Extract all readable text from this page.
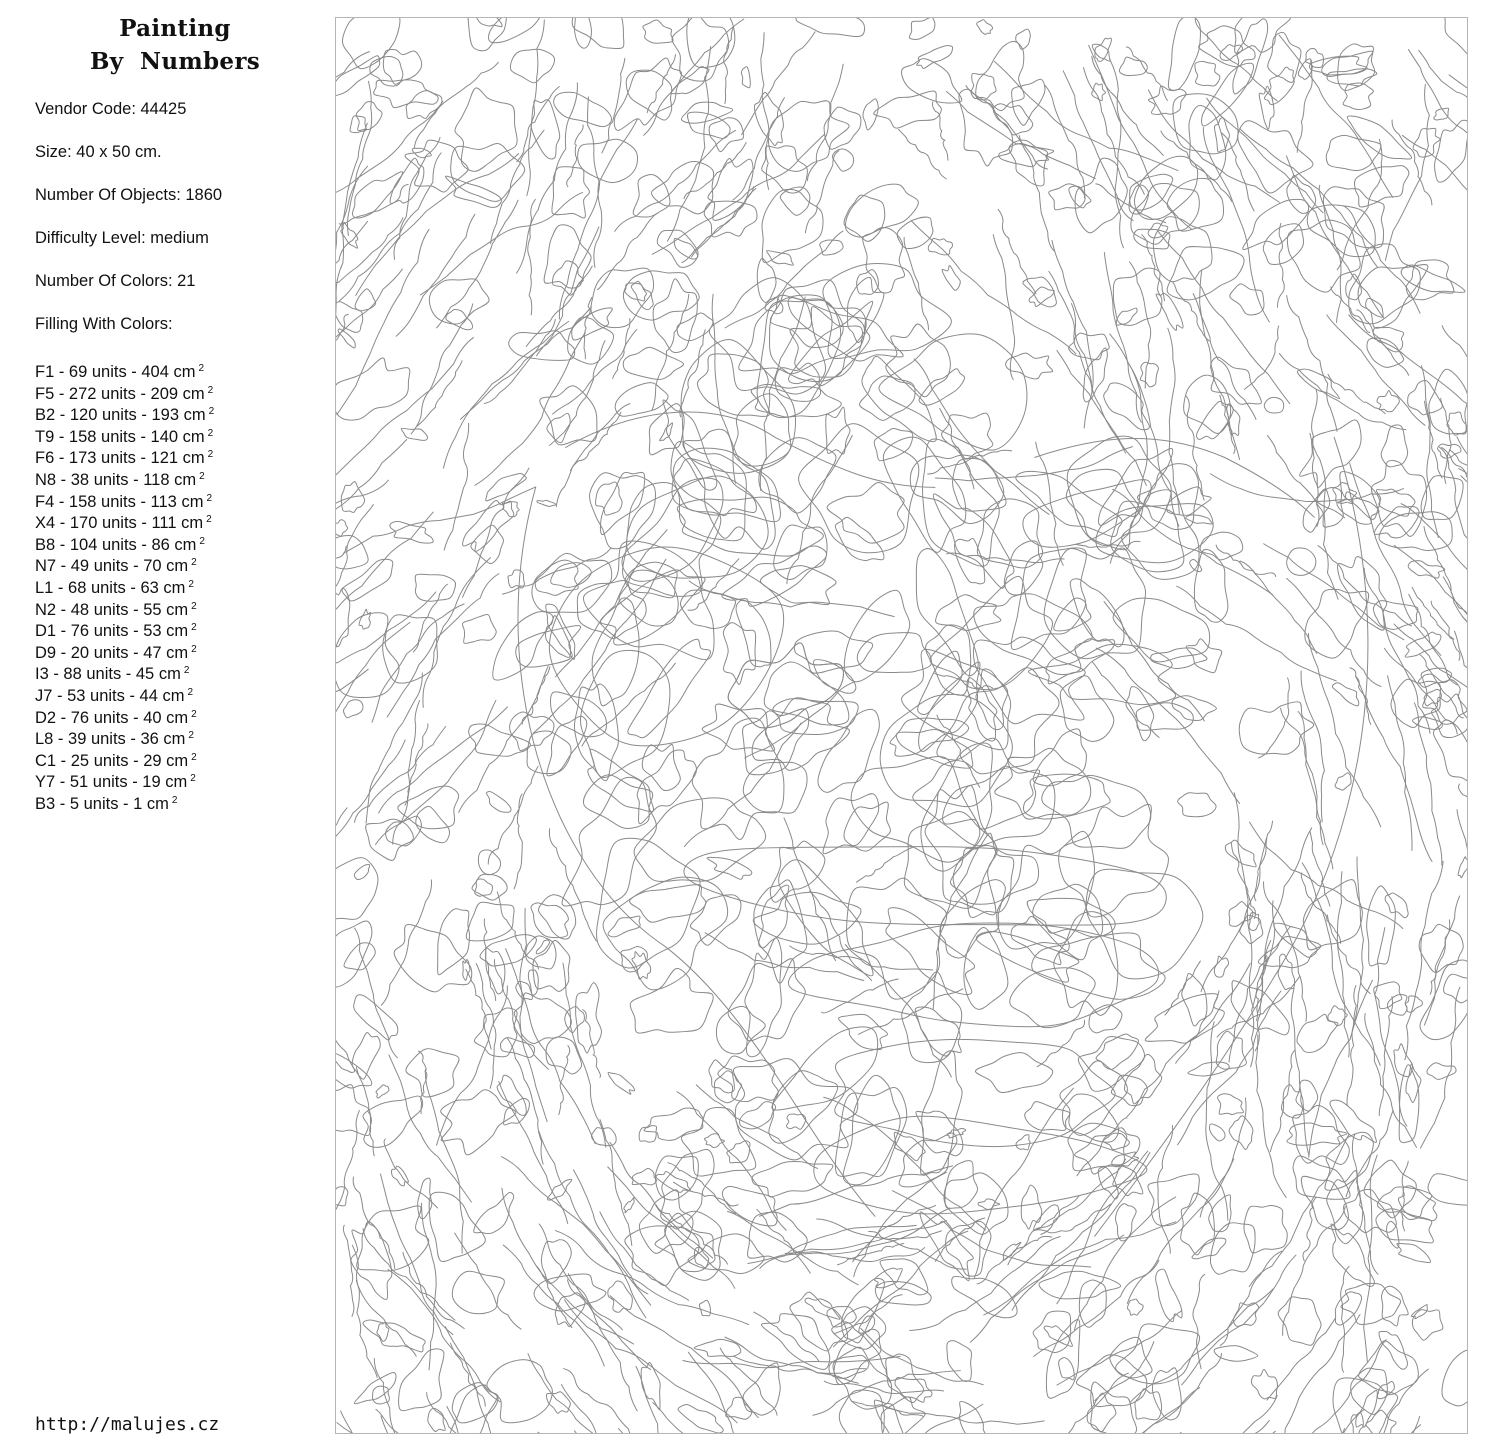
Painting
By  Numbers
Vendor Code: 44425
Size: 40 x 50 cm.
Number Of Objects: 1860
Difficulty Level: medium
Number Of Colors: 21
Filling With Colors:
F1 - 69 units - 404 cm $^2$
F5 - 272 units - 209 cm $^2$
B2 - 120 units - 193 cm $^2$
T9 - 158 units - 140 cm $^2$
F6 - 173 units - 121 cm $^2$
N8 - 38 units - 118 cm $^2$
F4 - 158 units - 113 cm $^2$
X4 - 170 units - 111 cm $^2$
B8 - 104 units - 86 cm $^2$
N7 - 49 units - 70 cm $^2$
L1 - 68 units - 63 cm $^2$
N2 - 48 units - 55 cm $^2$
D1 - 76 units - 53 cm $^2$
D9 - 20 units - 47 cm $^2$
I3 - 88 units - 45 cm $^2$
J7 - 53 units - 44 cm $^2$
D2 - 76 units - 40 cm $^2$
L8 - 39 units - 36 cm $^2$
C1 - 25 units - 29 cm $^2$
Y7 - 51 units - 19 cm $^2$
B3 - 5 units - 1 cm $^2$
http://malujes.cz
